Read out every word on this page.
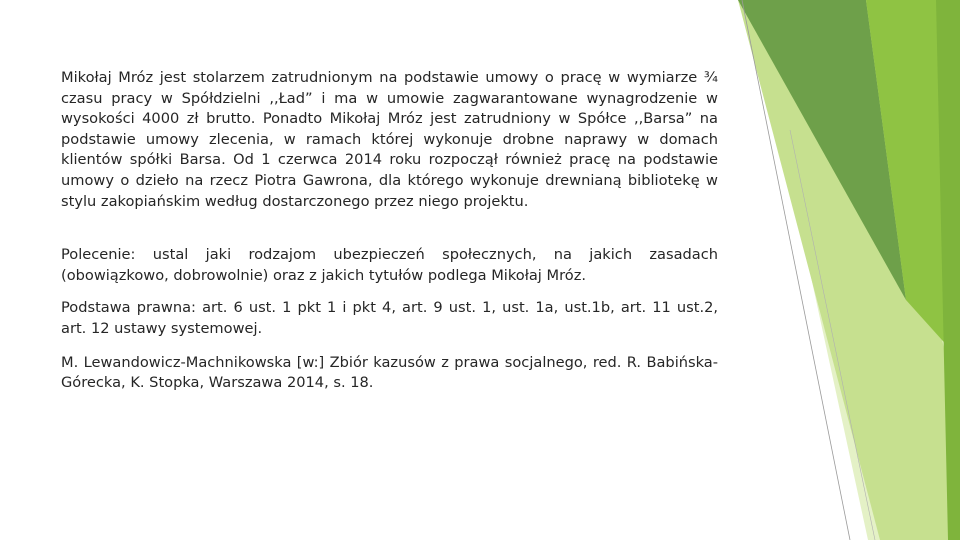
Mikołaj Mróz jest stolarzem zatrudnionym na podstawie umowy o pracę w wymiarze ¾ czasu pracy w Spółdzielni ,,Ład” i ma w umowie zagwarantowane wynagrodzenie w wysokości 4000 zł brutto. Ponadto Mikołaj Mróz jest zatrudniony w Spółce ,,Barsa” na podstawie umowy zlecenia, w ramach której wykonuje drobne naprawy w domach klientów spółki Barsa. Od 1 czerwca 2014 roku rozpoczął również pracę na podstawie umowy o dzieło na rzecz Piotra Gawrona, dla którego wykonuje drewnianą bibliotekę w stylu zakopiańskim według dostarczonego przez niego projektu.

Polecenie: ustal jaki rodzajom ubezpieczeń społecznych, na jakich zasadach (obowiązkowo, dobrowolnie) oraz z jakich tytułów podlega Mikołaj Mróz.

Podstawa prawna: art. 6 ust. 1 pkt 1 i pkt 4, art. 9 ust. 1, ust. 1a, ust.1b, art. 11 ust.2, art. 12 ustawy systemowej.

M. Lewandowicz-Machnikowska [w:] Zbiór kazusów z prawa socjalnego, red. R. Babińska-Górecka, K. Stopka, Warszawa 2014, s. 18.
